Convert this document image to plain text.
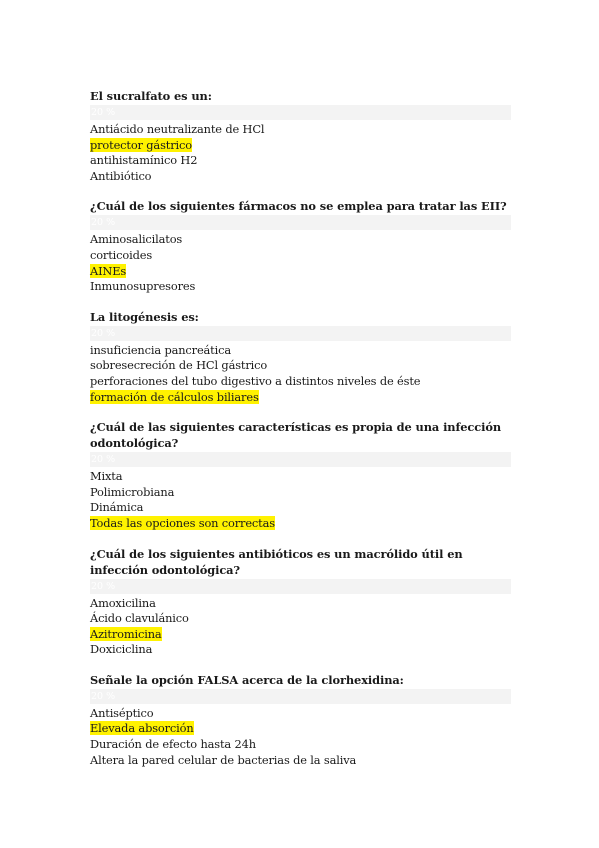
El sucralfato es un:
20 %
Antiácido neutralizante de HCl
protector gástrico
antihistamínico H2
Antibiótico
¿Cuál de los siguientes fármacos no se emplea para tratar las EII?
20 %
Aminosalicilatos
corticoides
AINEs
Inmunosupresores
La litogénesis es:
20 %
insuficiencia pancreática
sobresecreción de HCl gástrico
perforaciones del tubo digestivo a distintos niveles de éste
formación de cálculos biliares
¿Cuál de las siguientes características es propia de una infección odontológica?
20 %
Mixta
Polimicrobiana
Dinámica
Todas las opciones son correctas
¿Cuál de los siguientes antibióticos es un macrólido útil en infección odontológica?
20 %
Amoxicilina
Ácido clavulánico
Azitromicina
Doxiciclina
Señale la opción FALSA acerca de la clorhexidina:
20 %
Antiséptico
Elevada absorción
Duración de efecto hasta 24h
Altera la pared celular de bacterias de la saliva
